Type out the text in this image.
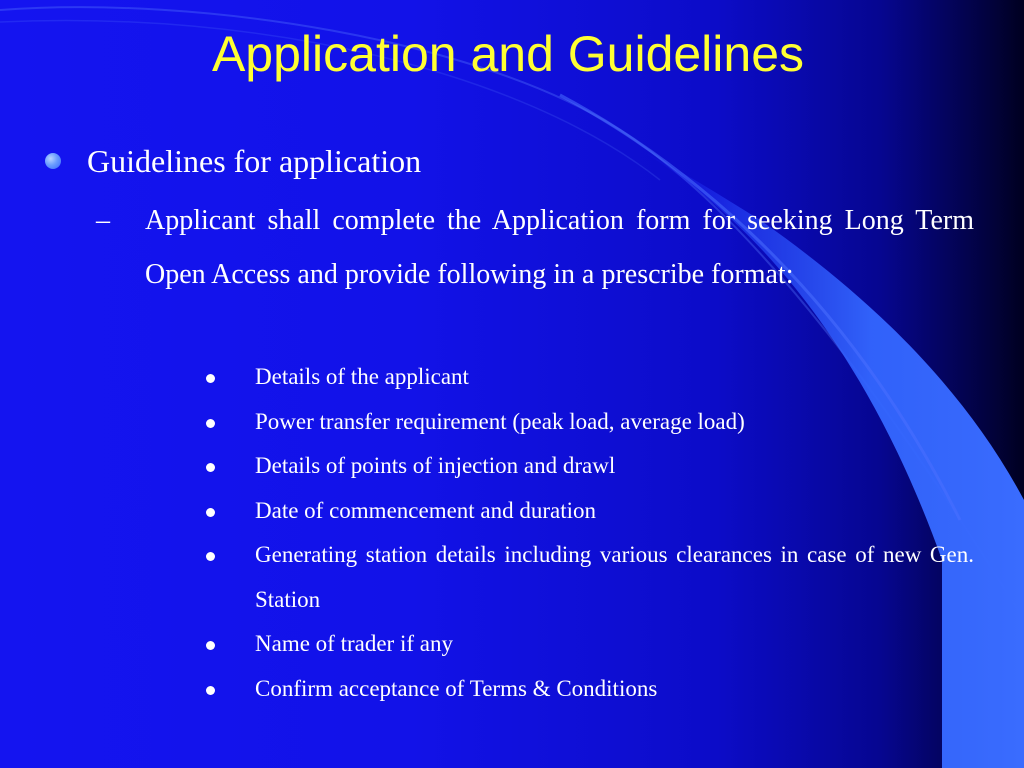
Application and Guidelines
Guidelines for application
– Applicant shall complete the Application form for seeking Long Term Open Access and provide following in a prescribe format:
Details of the applicant
Power transfer requirement (peak load, average load)
Details of points of injection and drawl
Date of commencement and duration
Generating station details including various clearances in case of new Gen. Station
Name of trader if any
Confirm acceptance of Terms & Conditions
